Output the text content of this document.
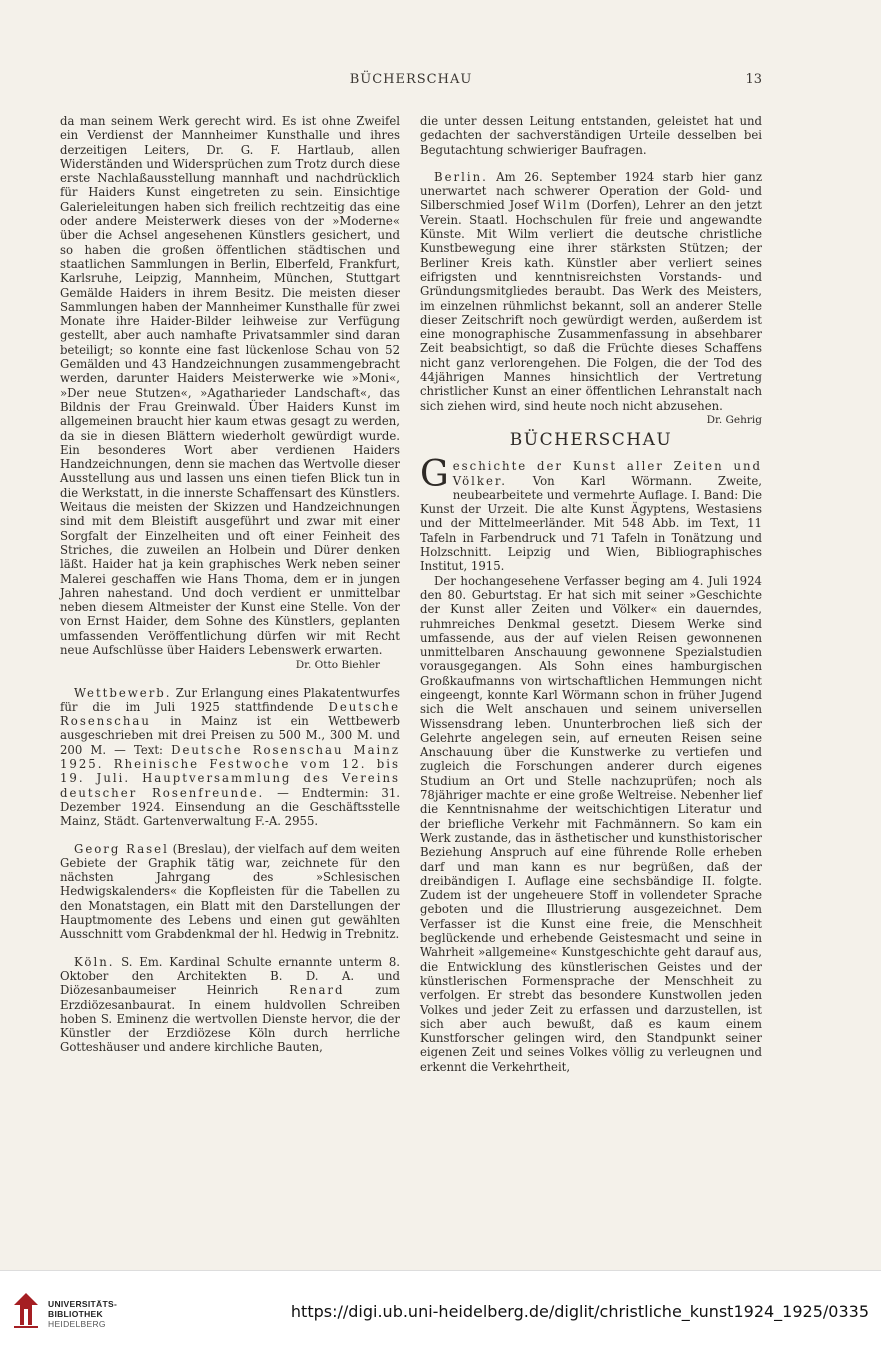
BÜCHERSCHAU	13

da man seinem Werk gerecht wird. Es ist ohne Zweifel ein Verdienst der Mannheimer Kunsthalle und ihres derzeitigen Leiters, Dr. G. F. Hartlaub, allen Widerständen und Widersprüchen zum Trotz durch diese erste Nachlaßausstellung mannhaft und nachdrücklich für Haiders Kunst eingetreten zu sein. Einsichtige Galerieleitungen haben sich freilich rechtzeitig das eine oder andere Meisterwerk dieses von der »Moderne« über die Achsel angesehenen Künstlers gesichert, und so haben die großen öffentlichen städtischen und staatlichen Sammlungen in Berlin, Elberfeld, Frankfurt, Karlsruhe, Leipzig, Mannheim, München, Stuttgart Gemälde Haiders in ihrem Besitz. Die meisten dieser Sammlungen haben der Mannheimer Kunsthalle für zwei Monate ihre Haider-Bilder leihweise zur Verfügung gestellt, aber auch namhafte Privatsammler sind daran beteiligt; so konnte eine fast lückenlose Schau von 52 Gemälden und 43 Handzeichnungen zusammengebracht werden, darunter Haiders Meisterwerke wie »Moni«, »Der neue Stutzen«, »Agatharieder Landschaft«, das Bildnis der Frau Greinwald. Über Haiders Kunst im allgemeinen braucht hier kaum etwas gesagt zu werden, da sie in diesen Blättern wiederholt gewürdigt wurde. Ein besonderes Wort aber verdienen Haiders Handzeichnungen, denn sie machen das Wertvolle dieser Ausstellung aus und lassen uns einen tiefen Blick tun in die Werkstatt, in die innerste Schaffensart des Künstlers. Weitaus die meisten der Skizzen und Handzeichnungen sind mit dem Bleistift ausgeführt und zwar mit einer Sorgfalt der Einzelheiten und oft einer Feinheit des Striches, die zuweilen an Holbein und Dürer denken läßt. Haider hat ja kein graphisches Werk neben seiner Malerei geschaffen wie Hans Thoma, dem er in jungen Jahren nahestand. Und doch verdient er unmittelbar neben diesem Altmeister der Kunst eine Stelle. Von der von Ernst Haider, dem Sohne des Künstlers, geplanten umfassenden Veröffentlichung dürfen wir mit Recht neue Aufschlüsse über Haiders Lebenswerk erwarten.

Dr. Otto Biehler

Wettbewerb. Zur Erlangung eines Plakatentwurfes für die im Juli 1925 stattfindende Deutsche Rosenschau in Mainz ist ein Wettbewerb ausgeschrieben mit drei Preisen zu 500 M., 300 M. und 200 M. — Text: Deutsche Rosenschau Mainz 1925. Rheinische Festwoche vom 12. bis 19. Juli. Hauptversammlung des Vereins deutscher Rosenfreunde. — Endtermin: 31. Dezember 1924. Einsendung an die Geschäftsstelle Mainz, Städt. Gartenverwaltung F.-A. 2955.

Georg Rasel (Breslau), der vielfach auf dem weiten Gebiete der Graphik tätig war, zeichnete für den nächsten Jahrgang des »Schlesischen Hedwigskalenders« die Kopfleisten für die Tabellen zu den Monatstagen, ein Blatt mit den Darstellungen der Hauptmomente des Lebens und einen gut gewählten Ausschnitt vom Grabdenkmal der hl. Hedwig in Trebnitz.

Köln. S. Em. Kardinal Schulte ernannte unterm 8. Oktober den Architekten B. D. A. und Diözesanbaumeiser Heinrich Renard zum Erzdiözesanbaurat. In einem huldvollen Schreiben hoben S. Eminenz die wertvollen Dienste hervor, die der Künstler der Erzdiözese Köln durch herrliche Gotteshäuser und andere kirchliche Bauten,

die unter dessen Leitung entstanden, geleistet hat und gedachten der sachverständigen Urteile desselben bei Begutachtung schwieriger Baufragen.

Berlin. Am 26. September 1924 starb hier ganz unerwartet nach schwerer Operation der Gold- und Silberschmied Josef Wilm (Dorfen), Lehrer an den jetzt Verein. Staatl. Hochschulen für freie und angewandte Künste. Mit Wilm verliert die deutsche christliche Kunstbewegung eine ihrer stärksten Stützen; der Berliner Kreis kath. Künstler aber verliert seines eifrigsten und kenntnisreichsten Vorstands- und Gründungsmitgliedes beraubt. Das Werk des Meisters, im einzelnen rühmlichst bekannt, soll an anderer Stelle dieser Zeitschrift noch gewürdigt werden, außerdem ist eine monographische Zusammenfassung in absehbarer Zeit beabsichtigt, so daß die Früchte dieses Schaffens nicht ganz verlorengehen. Die Folgen, die der Tod des 44jährigen Mannes hinsichtlich der Vertretung christlicher Kunst an einer öffentlichen Lehranstalt nach sich ziehen wird, sind heute noch nicht abzusehen.
Dr. Gehrig

BÜCHERSCHAU

Geschichte der Kunst aller Zeiten und Völker. Von Karl Wörmann. Zweite, neubearbeitete und vermehrte Auflage. I. Band: Die Kunst der Urzeit. Die alte Kunst Ägyptens, Westasiens und der Mittelmeerländer. Mit 548 Abb. im Text, 11 Tafeln in Farbendruck und 71 Tafeln in Tonätzung und Holzschnitt. Leipzig und Wien, Bibliographisches Institut, 1915.

Der hochangesehene Verfasser beging am 4. Juli 1924 den 80. Geburtstag. Er hat sich mit seiner »Geschichte der Kunst aller Zeiten und Völker« ein dauerndes, ruhmreiches Denkmal gesetzt. Diesem Werke sind umfassende, aus der auf vielen Reisen gewonnenen unmittelbaren Anschauung gewonnene Spezialstudien vorausgegangen. Als Sohn eines hamburgischen Großkaufmanns von wirtschaftlichen Hemmungen nicht eingeengt, konnte Karl Wörmann schon in früher Jugend sich die Welt anschauen und seinem universellen Wissensdrang leben. Ununterbrochen ließ sich der Gelehrte angelegen sein, auf erneuten Reisen seine Anschauung über die Kunstwerke zu vertiefen und zugleich die Forschungen anderer durch eigenes Studium an Ort und Stelle nachzuprüfen; noch als 78jähriger machte er eine große Weltreise. Nebenher lief die Kenntnisnahme der weitschichtigen Literatur und der briefliche Verkehr mit Fachmännern. So kam ein Werk zustande, das in ästhetischer und kunsthistorischer Beziehung Anspruch auf eine führende Rolle erheben darf und man kann es nur begrüßen, daß der dreibändigen I. Auflage eine sechsbändige II. folgte. Zudem ist der ungeheuere Stoff in vollendeter Sprache geboten und die Illustrierung ausgezeichnet. Dem Verfasser ist die Kunst eine freie, die Menschheit beglückende und erhebende Geistesmacht und seine in Wahrheit »allgemeine« Kunstgeschichte geht darauf aus, die Entwicklung des künstlerischen Geistes und der künstlerischen Formensprache der Menschheit zu verfolgen. Er strebt das besondere Kunstwollen jeden Volkes und jeder Zeit zu erfassen und darzustellen, ist sich aber auch bewußt, daß es kaum einem Kunstforscher gelingen wird, den Standpunkt seiner eigenen Zeit und seines Volkes völlig zu verleugnen und erkennt die Verkehrtheit,

UNIVERSITÄTS-
BIBLIOTHEK
HEIDELBERG
https://digi.ub.uni-heidelberg.de/diglit/christliche_kunst1924_1925/0335
